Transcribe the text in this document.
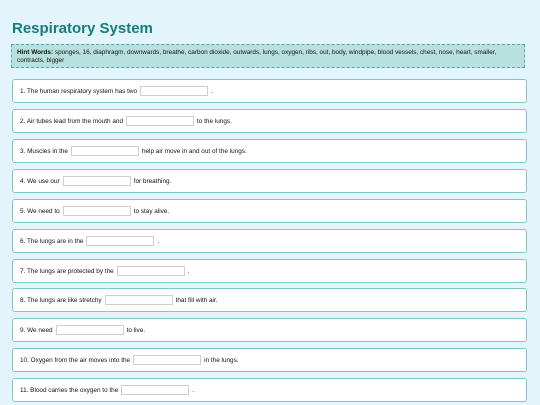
Respiratory System
Hint Words: sponges, 16, diaphragm, downwards, breathe, carbon dioxide, outwards, lungs, oxygen, ribs, out, body, windpipe, blood vessels, chest, nose, heart, smaller, contracts, bigger
1. The human respiratory system has two	.
2. Air tubes lead from the mouth and	to the lungs.
3. Muscles in the	help air move in and out of the lungs.
4. We use our	for breathing.
5. We need to	to stay alive.
6. The lungs are in the	.
7. The lungs are protected by the	.
8. The lungs are like stretchy	that fill with air.
9. We need	to live.
10. Oxygen from the air moves into the	in the lungs.
11. Blood carries the oxygen to the	.
